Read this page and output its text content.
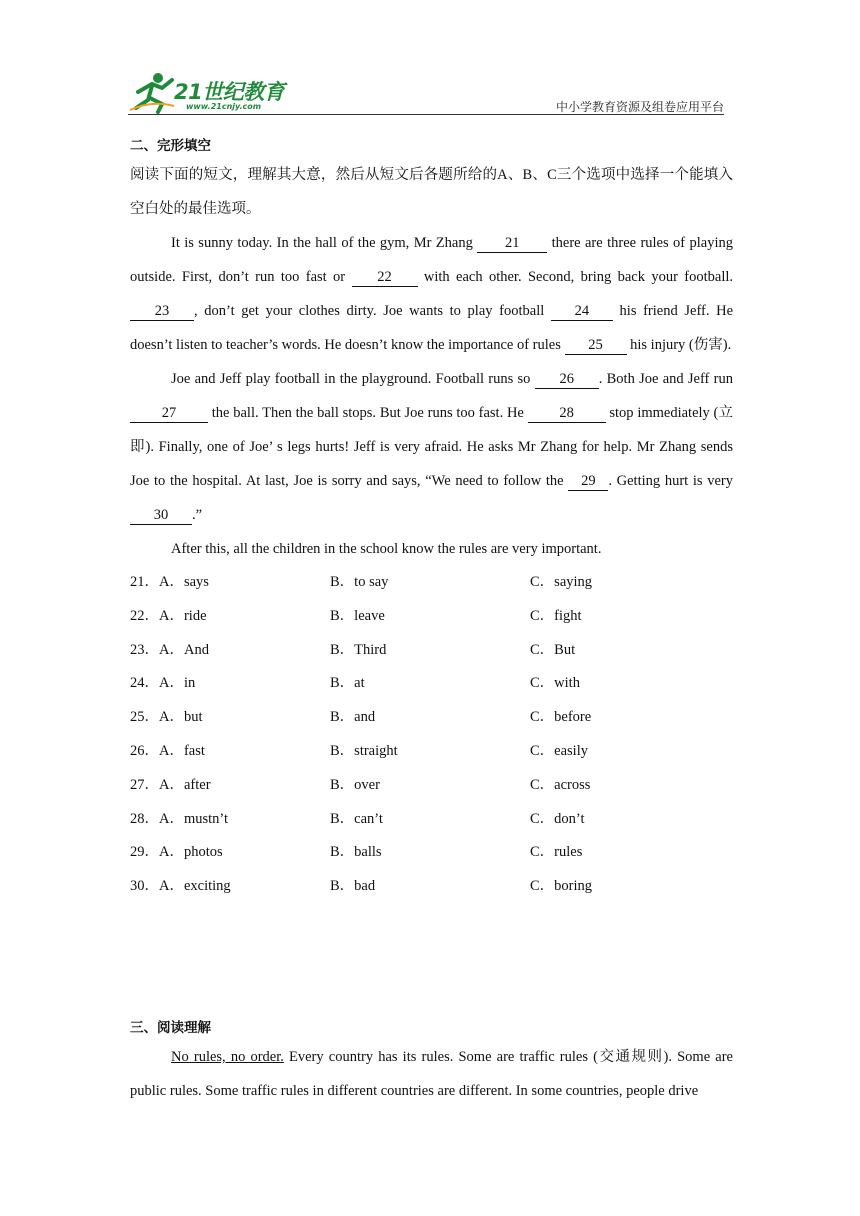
21世纪教育
www.21cnjy.com	中小学教育资源及组卷应用平台
二、完形填空
阅读下面的短文，理解其大意，然后从短文后各题所给的A、B、C三个选项中选择一个能填入空白处的最佳选项。
It is sunny today. In the hall of the gym, Mr Zhang 21 there are three rules of playing outside. First, don’t run too fast or 22 with each other. Second, bring back your football. 23 , don’t get your clothes dirty. Joe wants to play football 24 his friend Jeff. He doesn’t listen to teacher’s words. He doesn’t know the importance of rules 25 his injury (伤害).
Joe and Jeff play football in the playground. Football runs so 26 . Both Joe and Jeff run 27 the ball. Then the ball stops. But Joe runs too fast. He 28 stop immediately (立即). Finally, one of Joe’ s legs hurts! Jeff is very afraid. He asks Mr Zhang for help. Mr Zhang sends Joe to the hospital. At last, Joe is sorry and says, “We need to follow the 29 . Getting hurt is very 30 .”
After this, all the children in the school know the rules are very important.
21．A．says	B．to say	C．saying
22．A．ride	B．leave	C．fight
23．A．And	B．Third	C．But
24．A．in	B．at	C．with
25．A．but	B．and	C．before
26．A．fast	B．straight	C．easily
27．A．after	B．over	C．across
28．A．mustn’t	B．can’t	C．don’t
29．A．photos	B．balls	C．rules
30．A．exciting	B．bad	C．boring
三、阅读理解
No rules, no order. Every country has its rules. Some are traffic rules (交通规则). Some are public rules. Some traffic rules in different countries are different. In some countries, people drive
